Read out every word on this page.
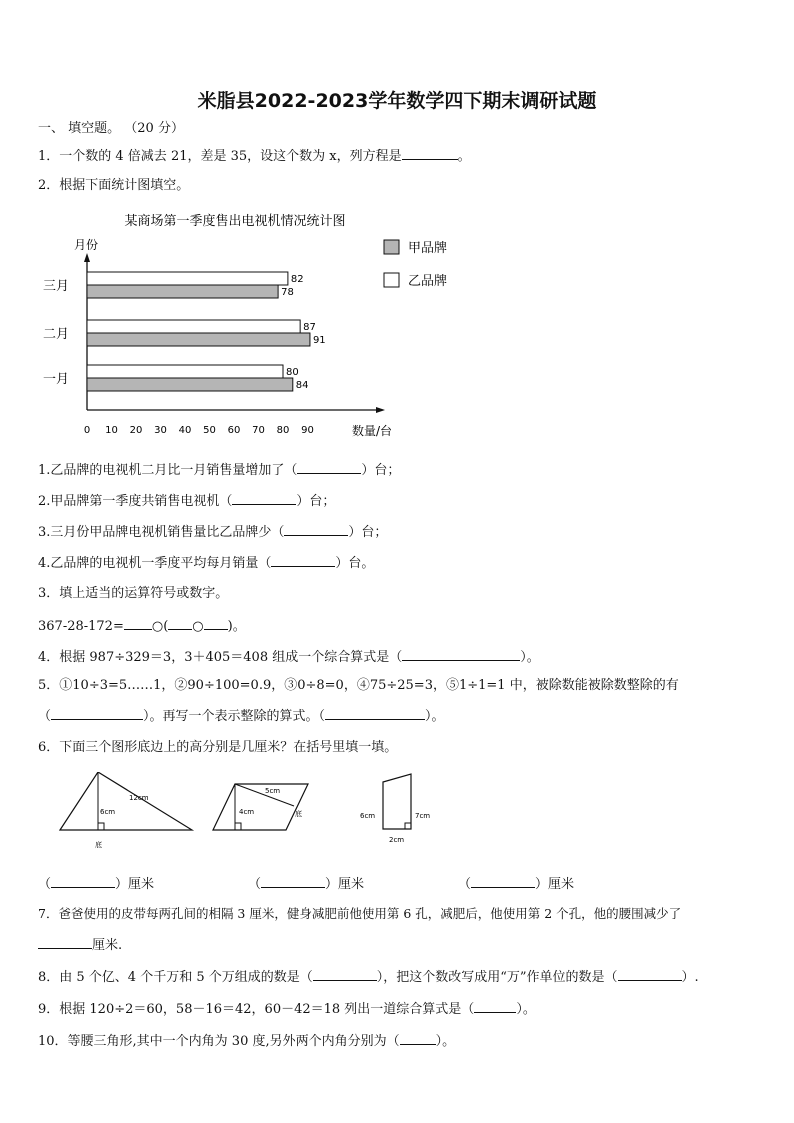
米脂县2022-2023学年数学四下期末调研试题
一、 填空题。 （20 分）
1．一个数的 4 倍减去 21，差是 35，设这个数为 x，列方程是	。
2．根据下面统计图填空。
某商场第一季度售出电视机情况统计图
月份
数量/台
80
84
87
91
82
78
0 10 20 30 40 50 60 70 80 90
一月
二月
三月
甲品牌
乙品牌
1.乙品牌的电视机二月比一月销售量增加了（	）台；
2.甲品牌第一季度共销售电视机（	）台；
3.三月份甲品牌电视机销售量比乙品牌少（	）台；
4.乙品牌的电视机一季度平均每月销量（	）台。
3．填上适当的运算符号或数字。
367-28-172= ○( ○ )。
4．根据 987÷329＝3，3＋405＝408 组成一个综合算式是（	）。
5．①10÷3=5……1，②90÷100=0.9，③0÷8=0，④75÷25=3，⑤1÷1=1 中，被除数能被除数整除的有
（	）。再写一个表示整除的算式。（	）。
6．下面三个图形底边上的高分别是几厘米？在括号里填一填。
12cm
6cm
底
5cm
4cm	底	6cm	7cm
2cm
（	）厘米	（	）厘米	（	）厘米
7．爸爸使用的皮带每两孔间的相隔 3 厘米，健身减肥前他使用第 6 孔，减肥后，他使用第 2 个孔，他的腰围减少了
厘米.
8．由 5 个亿、4 个千万和 5 个万组成的数是（	），把这个数改写成用“万”作单位的数是（	）.
9．根据 120÷2＝60，58－16＝42，60－42＝18 列出一道综合算式是（	）。
10．等腰三角形,其中一个内角为 30 度,另外两个内角分别为（	）。
